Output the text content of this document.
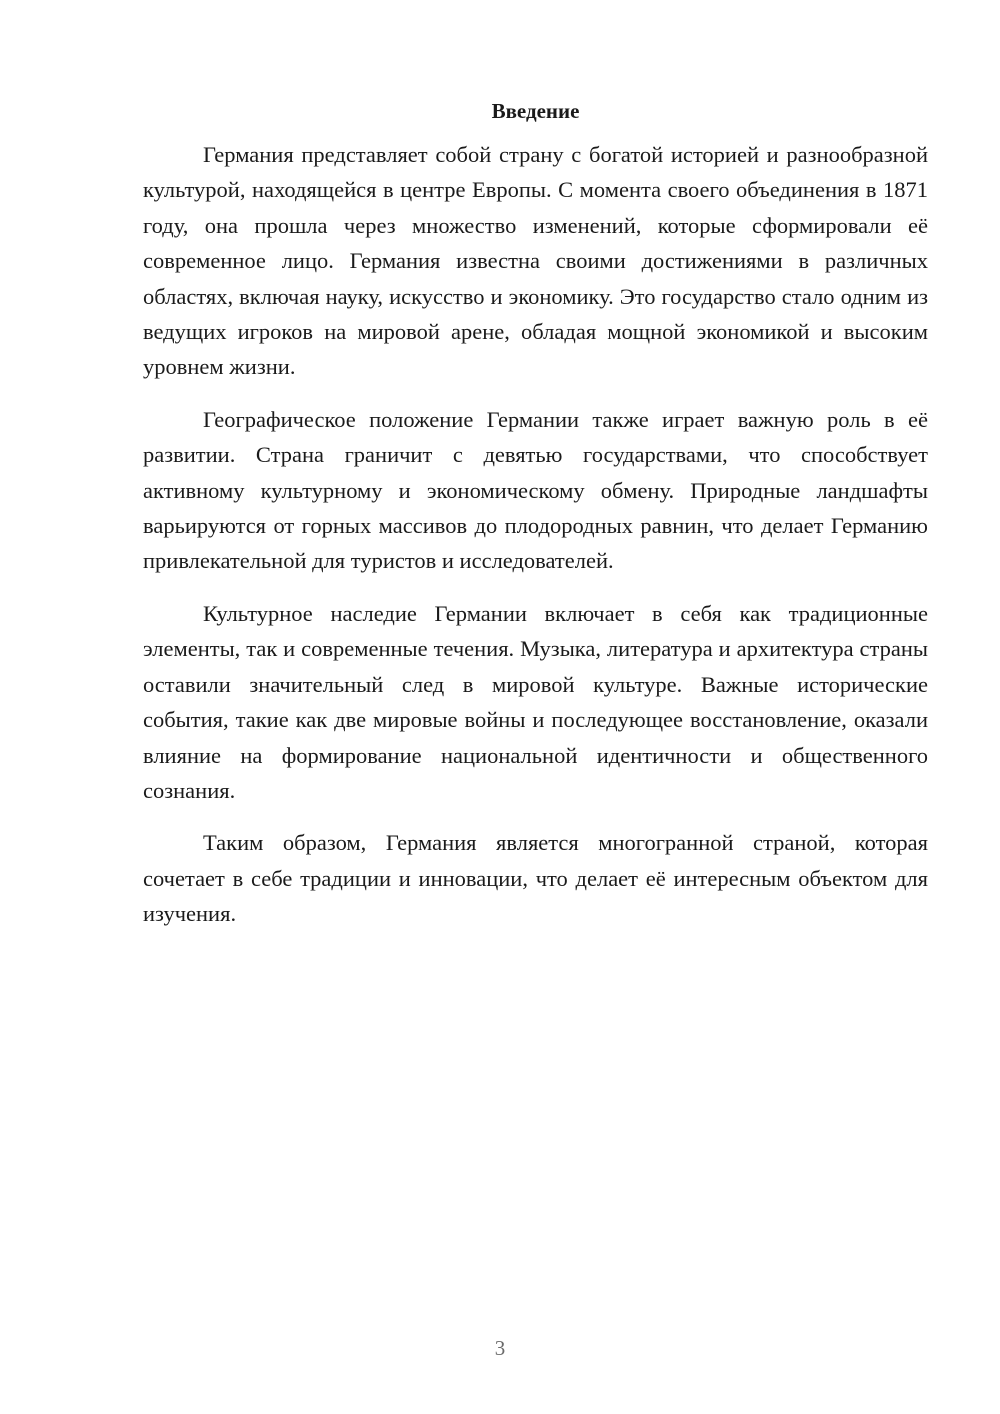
Введение

Германия представляет собой страну с богатой историей и разнообразной культурой, находящейся в центре Европы. С момента своего объединения в 1871 году, она прошла через множество изменений, которые сформировали её современное лицо. Германия известна своими достижениями в различных областях, включая науку, искусство и экономику. Это государство стало одним из ведущих игроков на мировой арене, обладая мощной экономикой и высоким уровнем жизни.

Географическое положение Германии также играет важную роль в её развитии. Страна граничит с девятью государствами, что способствует активному культурному и экономическому обмену. Природные ландшафты варьируются от горных массивов до плодородных равнин, что делает Германию привлекательной для туристов и исследователей.

Культурное наследие Германии включает в себя как традиционные элементы, так и современные течения. Музыка, литература и архитектура страны оставили значительный след в мировой культуре. Важные исторические события, такие как две мировые войны и последующее восстановление, оказали влияние на формирование национальной идентичности и общественного сознания.

Таким образом, Германия является многогранной страной, которая сочетает в себе традиции и инновации, что делает её интересным объектом для изучения.

3
